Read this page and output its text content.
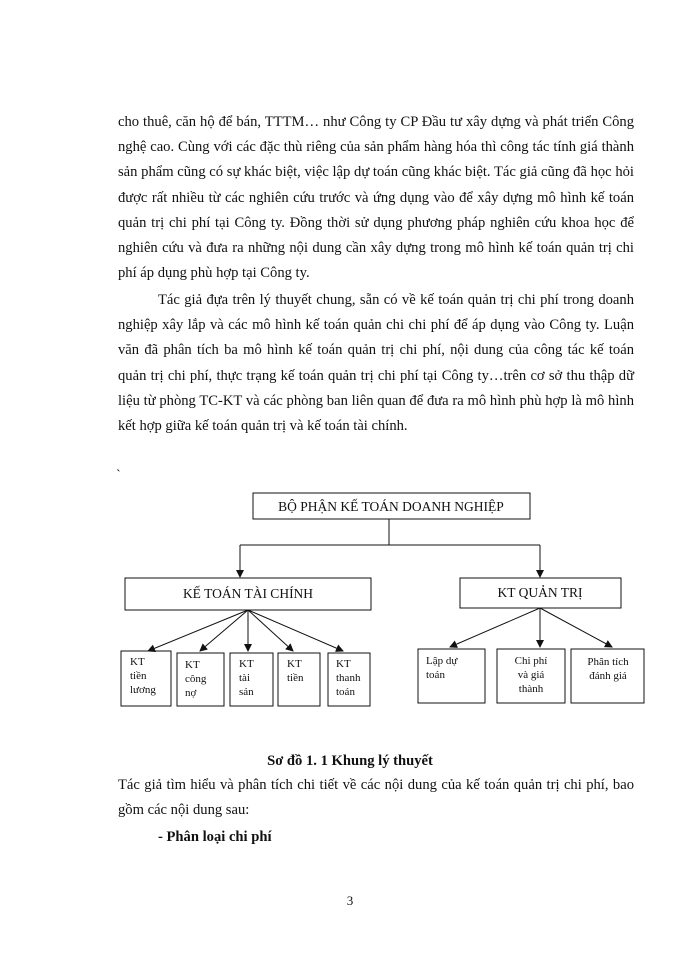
cho thuê, căn hộ để bán, TTTM… như Công ty CP Đầu tư xây dựng và phát triển Công nghệ cao. Cùng với các đặc thù riêng của sản phẩm hàng hóa thì công tác tính giá thành sản phẩm cũng có sự khác biệt, việc lập dự toán cũng khác biệt. Tác giả cũng đã học hỏi được rất nhiều từ các nghiên cứu trước và ứng dụng vào để xây dựng mô hình kế toán quản trị chi phí tại Công ty. Đồng thời sử dụng phương pháp nghiên cứu khoa học để nghiên cứu và đưa ra những nội dung cần xây dựng trong mô hình kế toán quản trị chi phí áp dụng phù hợp tại Công ty.

Tác giả đựa trên lý thuyết chung, sẵn có về kế toán quản trị chi phí trong doanh nghiệp xây lắp và các mô hình kế toán quản chi chi phí để áp dụng vào Công ty. Luận văn đã phân tích ba mô hình kế toán quản trị chi phí, nội dung của công tác kế toán quản trị chi phí, thực trạng kế toán quản trị chi phí tại Công ty…trên cơ sở thu thập dữ liệu từ phòng TC-KT và các phòng ban liên quan để đưa ra mô hình phù hợp là mô hình kết hợp giữa kế toán quản trị và kế toán tài chính.

`
BỘ PHẬN KẾ TOÁN DOANH NGHIỆP
KẾ TOÁN TÀI CHÍNH	KT QUẢN TRỊ
KT
tiền
lương
KT
công
nợ
KT
tài
sản
KT
tiền
KT
thanh
toán
Lập dự
toán
Chi phí
và giá
thành
Phân tích
đánh giá

Sơ đồ 1. 1 Khung lý thuyết

Tác giả tìm hiểu và phân tích chi tiết về các nội dung của kế toán quản trị chi phí, bao gồm các nội dung sau:

- Phân loại chi phí
3
